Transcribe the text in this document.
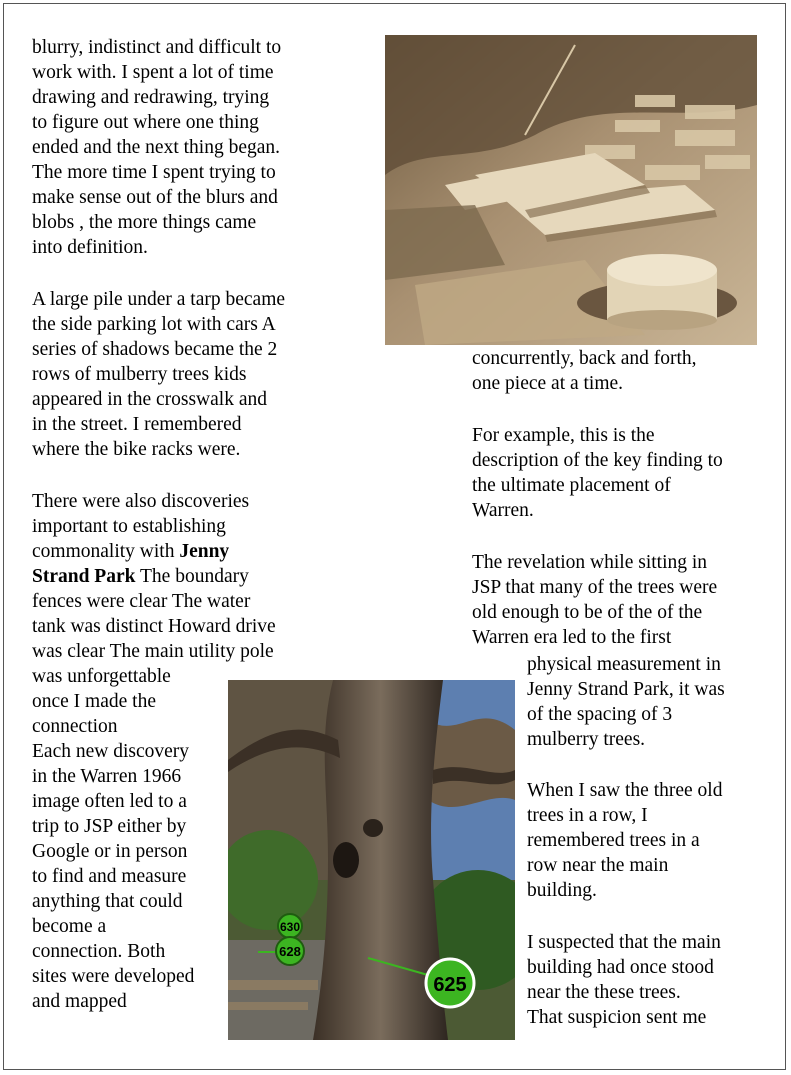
blurry, indistinct and difficult to
work with. I spent a lot of time
drawing and redrawing, trying
to figure out where one thing
ended and the next thing began.
The more time I spent trying to
make sense out of the blurs and
blobs , the more things came
into definition.
A large pile under a tarp became
the side parking lot with cars A
series of shadows became the 2
rows of mulberry trees kids
appeared in the crosswalk and
in the street. I remembered
where the bike racks were.
There were also discoveries
important to establishing
commonality with Jenny
Strand Park The boundary
fences were clear The water
tank was distinct Howard drive
was clear The main utility pole
was unforgettable
once I made the
connection
Each new discovery
in the Warren 1966
image often led to a
trip to JSP either by
Google or in person
to find and measure
anything that could
become a
connection. Both
sites were developed
and mapped
concurrently, back and forth,
one piece at a time.
For example, this is the
description of the key finding to
the ultimate placement of
Warren.
The revelation while sitting in
JSP that many of the trees were
old enough to be of the of the
Warren era led to the first
physical measurement in
Jenny Strand Park, it was
of the spacing of 3
mulberry trees.
When I saw the three old
trees in a row, I
remembered trees in a
row near the main
building.
I suspected that the main
building had once stood
near the these trees.
That suspicion sent me
630
628
625
